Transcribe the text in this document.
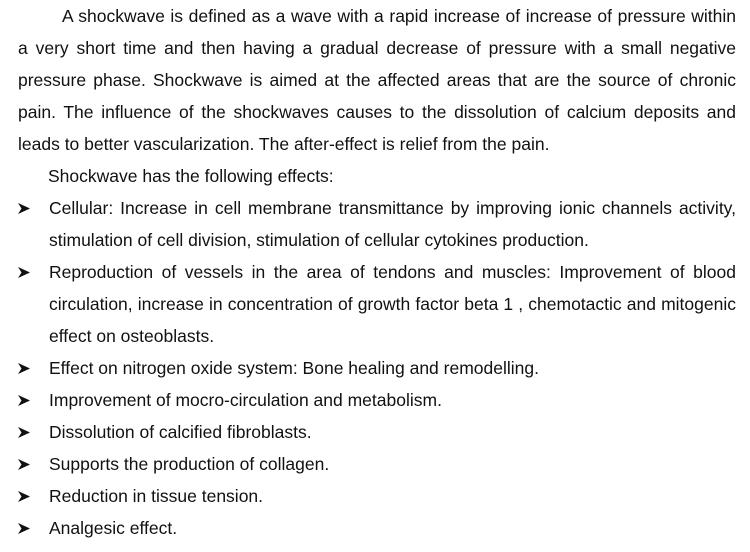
A shockwave is defined as a wave with a rapid increase of increase of pressure within a very short time and then having a gradual decrease of pressure with a small negative pressure phase. Shockwave is aimed at the affected areas that are the source of chronic pain. The influence of the shockwaves causes to the dissolution of calcium deposits and leads to better vascularization. The after-effect is relief from the pain.

Shockwave has the following effects:

Cellular: Increase in cell membrane transmittance by improving ionic channels activity, stimulation of cell division, stimulation of cellular cytokines production.
Reproduction of vessels in the area of tendons and muscles: Improvement of blood circulation, increase in concentration of growth factor beta 1 , chemotactic and mitogenic effect on osteoblasts.
Effect on nitrogen oxide system: Bone healing and remodelling.
Improvement of mocro-circulation and metabolism.
Dissolution of calcified fibroblasts.
Supports the production of collagen.
Reduction in tissue tension.
Analgesic effect.
